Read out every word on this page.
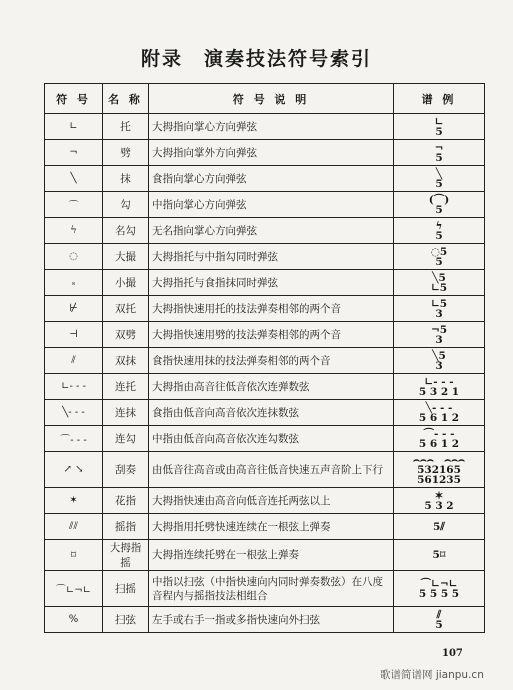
附录　演奏技法符号索引
符 号	名 称	符 号 说 明	谱 例
∟	托	大拇指向掌心方向弹弦	∟
5

¬	劈	大拇指向掌外方向弹弦	¬
5

╲	抹	食指向掌心方向弹弦	╲
5

⌒	勾	中指向掌心方向弹弦	(⌒)
5

ϟ	名勾	无名指向掌心方向弹弦	ϟ
5

◌	大撮	大拇指托与中指勾同时弹弦	◌5
5

ₛ	小撮	大拇指托与食指抹同时弹弦	╲5
∟5

⊬	双托	大拇指快速用托的技法弹奏相邻的两个音	∟5
3

⊣	双劈	大拇指快速用劈的技法弹奏相邻的两个音	¬5
3

⫽	双抹	食指快速用抹的技法弹奏相邻的两个音	╲5
3

∟- - -	连托	大拇指由高音往低音依次连弹数弦	∟- - -
5 3 2 1

╲- - -	连抹	食指由低音向高音依次连抹数弦	╲- - -
5 6 1 2

⌒- - -	连勾	中指由低音向高音依次连勾数弦	⌒- - -
5 6 1 2

↗ ↘	刮奏	由低音往高音或由高音往低音快速五声音阶上下行	⌢⌢⌢　⌢⌢⌢
532165 561235

✶	花指	大拇指快速由高音向低音连托两弦以上	✶
5 3 2

⫽⫽	摇指	大拇指用托劈快速连续在一根弦上弹奏	5⫽

⌑	大拇指摇	大拇指连续托劈在一根弦上弹奏	5⌑

⌒∟¬∟	扫摇	中指以扫弦（中指快速向内同时弹奏数弦）在八度音程内与摇指技法相组合	⌒∟¬∟
5 5 5 5

%	扫弦	左手或右手一指或多指快速向外扫弦	⫽
5
107
歌谱简谱网 jianpu.cn
